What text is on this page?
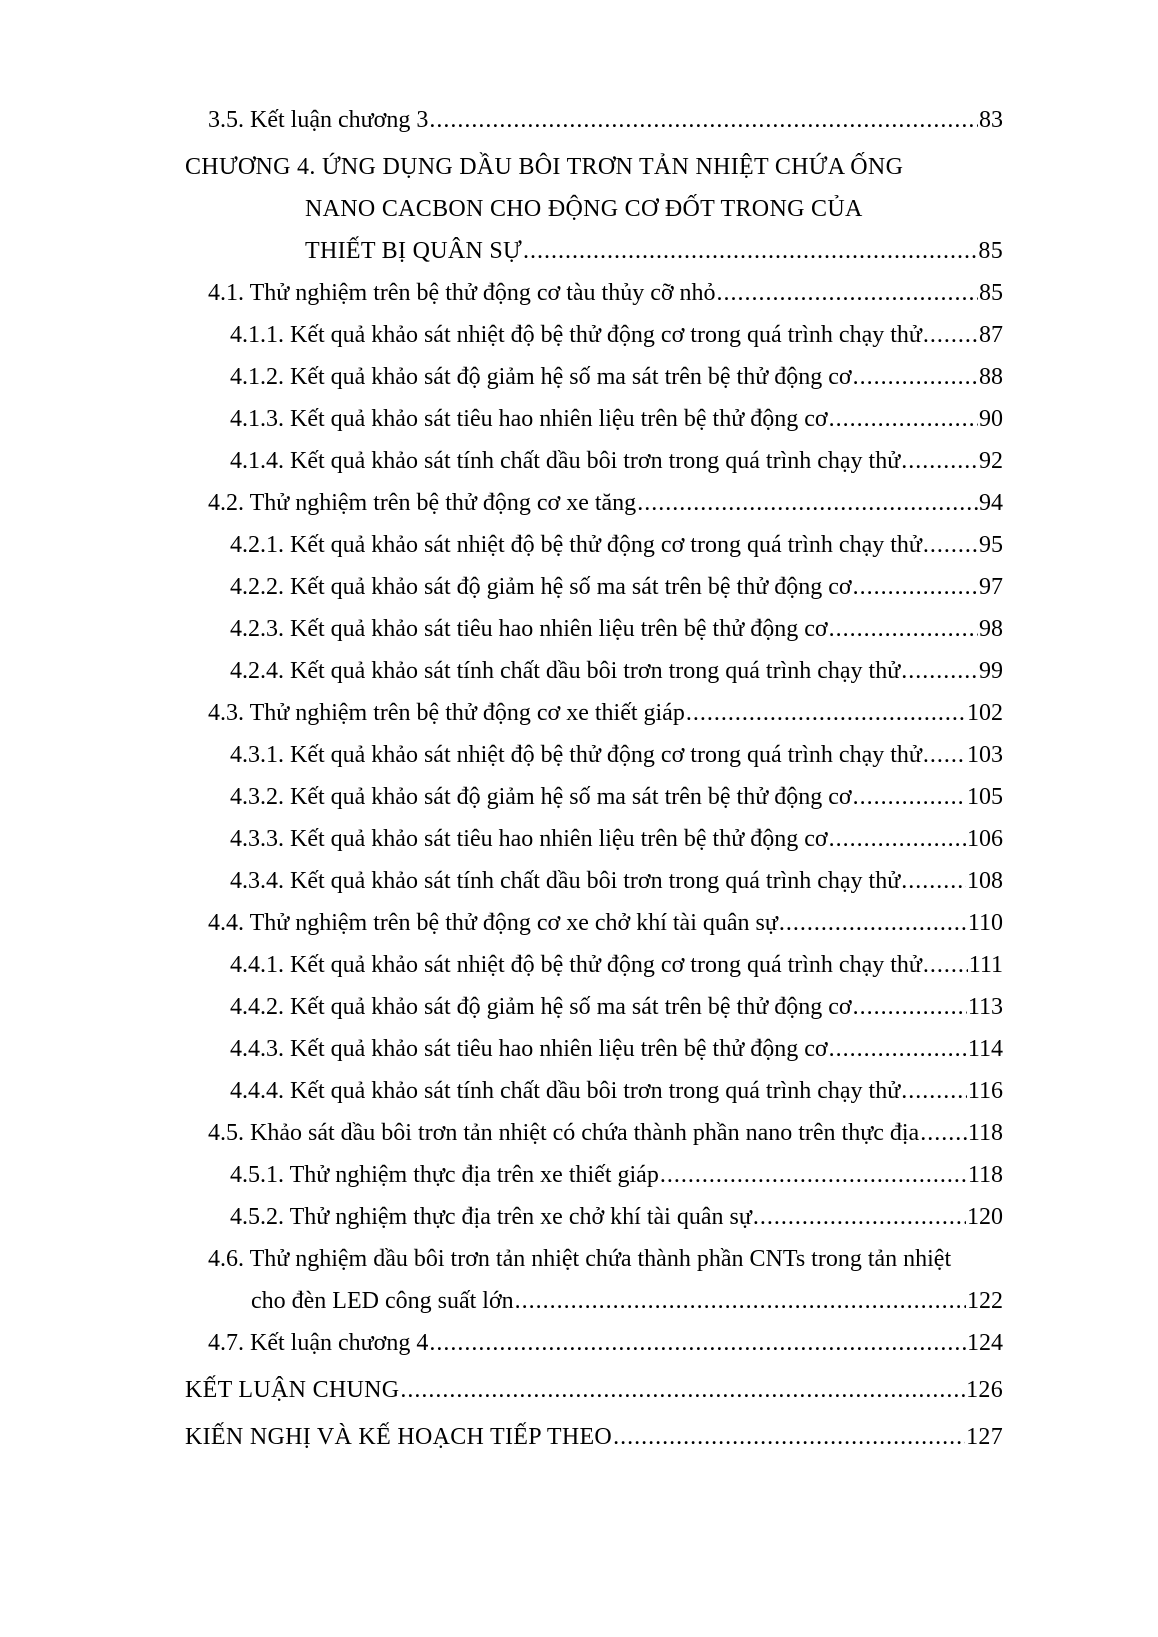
3.5. Kết luận chương 3 .....	83
CHƯƠNG 4. ỨNG DỤNG DẦU BÔI TRƠN TẢN NHIỆT CHỨA ỐNG
NANO CACBON CHO ĐỘNG CƠ ĐỐT TRONG CỦA
THIẾT BỊ QUÂN SỰ .....	85
4.1. Thử nghiệm trên bệ thử động cơ tàu thủy cỡ nhỏ .....	85
4.1.1. Kết quả khảo sát nhiệt độ bệ thử động cơ trong quá trình chạy thử ..... 87
4.1.2. Kết quả khảo sát độ giảm hệ số ma sát trên bệ thử động cơ .....	88
4.1.3. Kết quả khảo sát tiêu hao nhiên liệu trên bệ thử động cơ .....	90
4.1.4. Kết quả khảo sát tính chất dầu bôi trơn trong quá trình chạy thử .....	92
4.2. Thử nghiệm trên bệ thử động cơ xe tăng .....	94
4.2.1. Kết quả khảo sát nhiệt độ bệ thử động cơ trong quá trình chạy thử ..... 95
4.2.2. Kết quả khảo sát độ giảm hệ số ma sát trên bệ thử động cơ .....	97
4.2.3. Kết quả khảo sát tiêu hao nhiên liệu trên bệ thử động cơ .....	98
4.2.4. Kết quả khảo sát tính chất dầu bôi trơn trong quá trình chạy thử .....	99
4.3. Thử nghiệm trên bệ thử động cơ xe thiết giáp .....	102
4.3.1. Kết quả khảo sát nhiệt độ bệ thử động cơ trong quá trình chạy thử ..... 103
4.3.2. Kết quả khảo sát độ giảm hệ số ma sát trên bệ thử động cơ .....	105
4.3.3. Kết quả khảo sát tiêu hao nhiên liệu trên bệ thử động cơ .....	106
4.3.4. Kết quả khảo sát tính chất dầu bôi trơn trong quá trình chạy thử .....	108
4.4. Thử nghiệm trên bệ thử động cơ xe chở khí tài quân sự .....	110
4.4.1. Kết quả khảo sát nhiệt độ bệ thử động cơ trong quá trình chạy thử ..... 111
4.4.2. Kết quả khảo sát độ giảm hệ số ma sát trên bệ thử động cơ .....	113
4.4.3. Kết quả khảo sát tiêu hao nhiên liệu trên bệ thử động cơ .....	114
4.4.4. Kết quả khảo sát tính chất dầu bôi trơn trong quá trình chạy thử .....	116
4.5. Khảo sát dầu bôi trơn tản nhiệt có chứa thành phần nano trên thực địa ..... 118
4.5.1. Thử nghiệm thực địa trên xe thiết giáp .....	118
4.5.2. Thử nghiệm thực địa trên xe chở khí tài quân sự .....	120
4.6. Thử nghiệm dầu bôi trơn tản nhiệt chứa thành phần CNTs trong tản nhiệt
cho đèn LED công suất lớn .....	122
4.7. Kết luận chương 4 .....	124
KẾT LUẬN CHUNG .....	126
KIẾN NGHỊ VÀ KẾ HOẠCH TIẾP THEO .....	127
